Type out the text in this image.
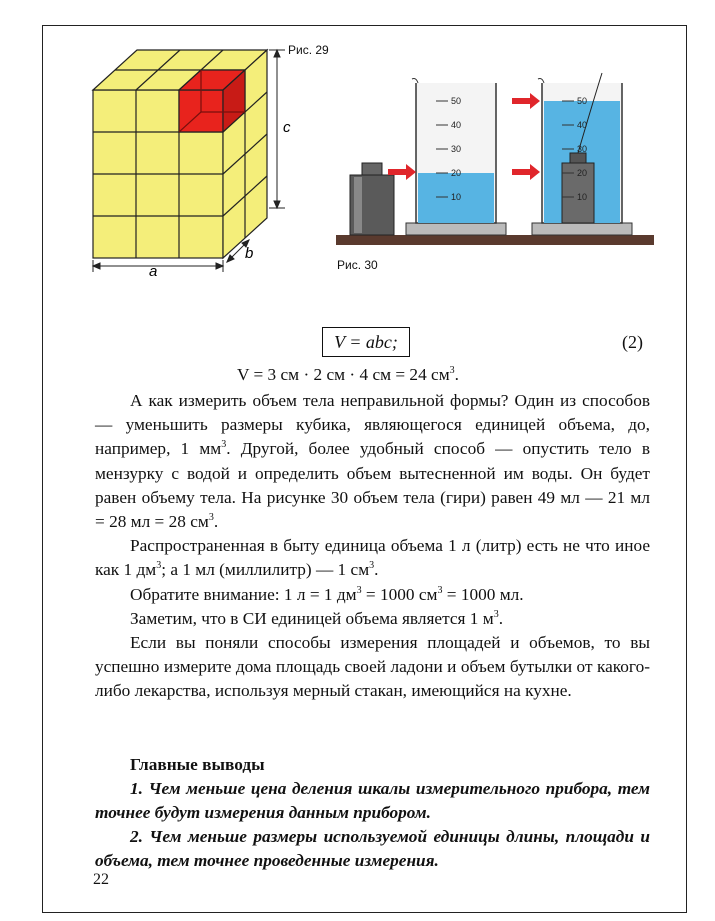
a
c
b
Рис. 29
50
40
30
20
10
50
40
30
20
10
Рис. 30
V = abc;	(2)
V = 3 см · 2 см · 4 см = 24 $см^3$.

А как измерить объем тела неправильной формы? Один из способов — уменьшить размеры кубика, являющегося единицей объема, до, например, 1 $мм^3$. Другой, более удобный способ — опустить тело в мензурку с водой и определить объем вытесненной им воды. Он будет равен объему тела. На рисунке 30 объем тела (гири) равен 49 мл — 21 мл = 28 мл = 28 $см^3$.

Распространенная в быту единица объема 1 л (литр) есть не что иное как 1 $дм^3$; а 1 мл (миллилитр) — 1 $см^3$.

Обратите внимание: 1 л = 1 $дм^3 = 1000$ $см^3 = 1000$ мл.

Заметим, что в СИ единицей объема является 1 $м^3$.

Если вы поняли способы измерения площадей и объемов, то вы успешно измерите дома площадь своей ладони и объем бутылки от какого-либо лекарства, используя мерный стакан, имеющийся на кухне.

Главные выводы

1. Чем меньше цена деления шкалы измерительного прибора, тем точнее будут измерения данным прибором.

2. Чем меньше размеры используемой единицы длины, площади и объема, тем точнее проведенные измерения.

22
